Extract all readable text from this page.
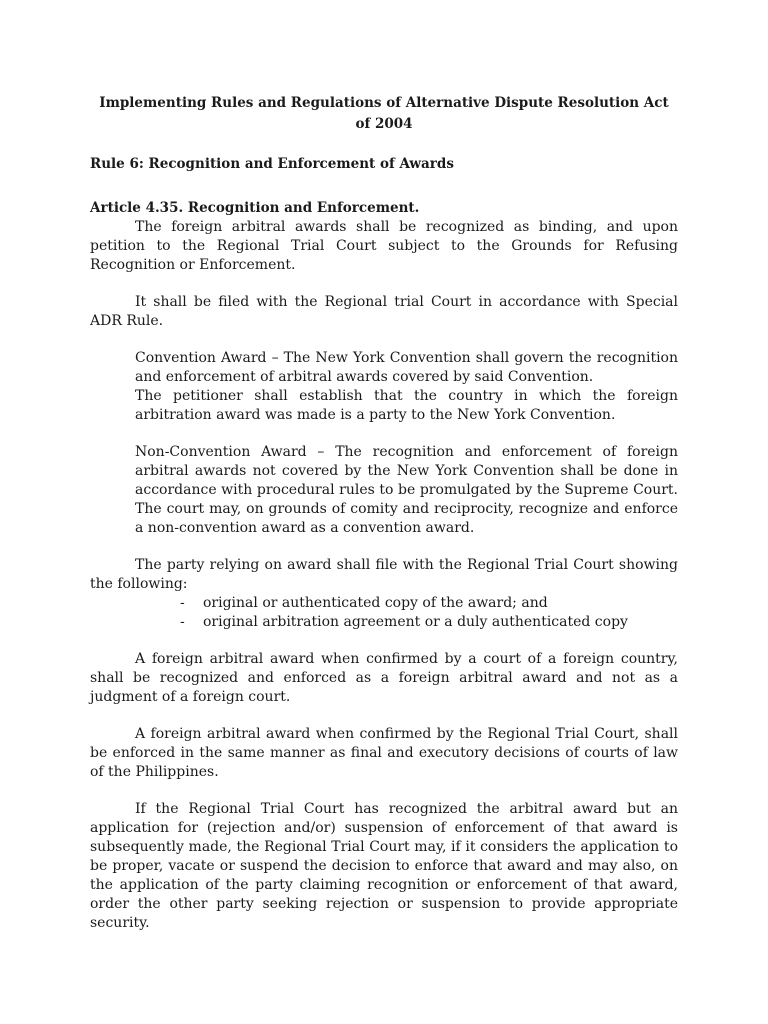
Implementing Rules and Regulations of Alternative Dispute Resolution Act of 2004
Rule 6: Recognition and Enforcement of Awards
Article 4.35. Recognition and Enforcement.

The foreign arbitral awards shall be recognized as binding, and upon petition to the Regional Trial Court subject to the Grounds for Refusing Recognition or Enforcement.

It shall be filed with the Regional trial Court in accordance with Special ADR Rule.

Convention Award – The New York Convention shall govern the recognition and enforcement of arbitral awards covered by said Convention.

The petitioner shall establish that the country in which the foreign arbitration award was made is a party to the New York Convention.

Non-Convention Award – The recognition and enforcement of foreign arbitral awards not covered by the New York Convention shall be done in accordance with procedural rules to be promulgated by the Supreme Court. The court may, on grounds of comity and reciprocity, recognize and enforce a non-convention award as a convention award.

The party relying on award shall file with the Regional Trial Court showing the following:

- original or authenticated copy of the award; and
- original arbitration agreement or a duly authenticated copy

A foreign arbitral award when confirmed by a court of a foreign country, shall be recognized and enforced as a foreign arbitral award and not as a judgment of a foreign court.

A foreign arbitral award when confirmed by the Regional Trial Court, shall be enforced in the same manner as final and executory decisions of courts of law of the Philippines.

If the Regional Trial Court has recognized the arbitral award but an application for (rejection and/or) suspension of enforcement of that award is subsequently made, the Regional Trial Court may, if it considers the application to be proper, vacate or suspend the decision to enforce that award and may also, on the application of the party claiming recognition or enforcement of that award, order the other party seeking rejection or suspension to provide appropriate security.
